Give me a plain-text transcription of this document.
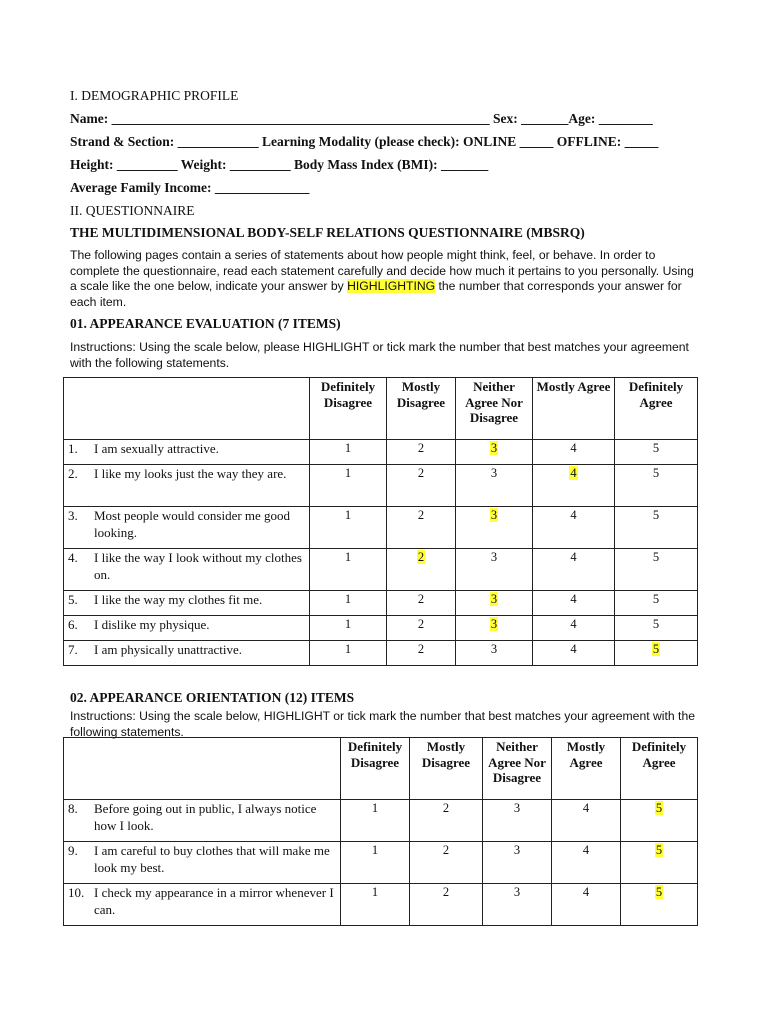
I. DEMOGRAPHIC PROFILE
Name: ________________________________________________________ Sex: _______Age: ________
Strand & Section: ____________ Learning Modality (please check): ONLINE _____ OFFLINE: _____
Height: _________ Weight: _________ Body Mass Index (BMI): _______
Average Family Income: ______________
II. QUESTIONNAIRE
THE MULTIDIMENSIONAL BODY-SELF RELATIONS QUESTIONNAIRE (MBSRQ)
The following pages contain a series of statements about how people might think, feel, or behave. In order to complete the questionnaire, read each statement carefully and decide how much it pertains to you personally. Using a scale like the one below, indicate your answer by HIGHLIGHTING the number that corresponds your answer for each item.
01. APPEARANCE EVALUATION (7 ITEMS)
Instructions: Using the scale below, please HIGHLIGHT or tick mark the number that best matches your agreement with the following statements.
	Definitely Disagree	Mostly Disagree	Neither Agree Nor Disagree	Mostly Agree	Definitely Agree
1. I am sexually attractive.	1	2	3	4	5
2. I like my looks just the way they are.	1	2	3	4	5
3. Most people would consider me good looking.	1	2	3	4	5
4. I like the way I look without my clothes on.	1	2	3	4	5
5. I like the way my clothes fit me.	1	2	3	4	5
6. I dislike my physique.	1	2	3	4	5
7. I am physically unattractive.	1	2	3	4	5
02. APPEARANCE ORIENTATION (12) ITEMS
Instructions: Using the scale below, HIGHLIGHT or tick mark the number that best matches your agreement with the following statements.
	Definitely Disagree	Mostly Disagree	Neither Agree Nor Disagree	Mostly Agree	Definitely Agree
8. Before going out in public, I always notice how I look.	1	2	3	4	5
9. I am careful to buy clothes that will make me look my best.	1	2	3	4	5
10. I check my appearance in a mirror whenever I can.	1	2	3	4	5
